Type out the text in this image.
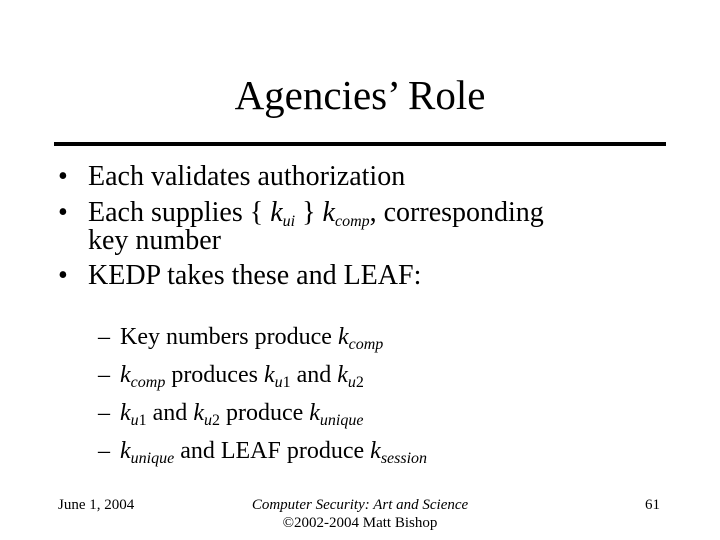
Agencies’ Role
• Each validates authorization
• Each supplies { $k_{ui}$ } $k_{comp}$, corresponding
key number
• KEDP takes these and LEAF:
– Key numbers produce $k_{comp}$
– $k_{comp}$ produces $k_{u1}$ and $k_{u2}$
– $k_{u1}$ and $k_{u2}$ produce $k_{unique}$
– $k_{unique}$ and LEAF produce $k_{session}$
June 1, 2004	Computer Security: Art and Science
©2002-2004 Matt Bishop
61
